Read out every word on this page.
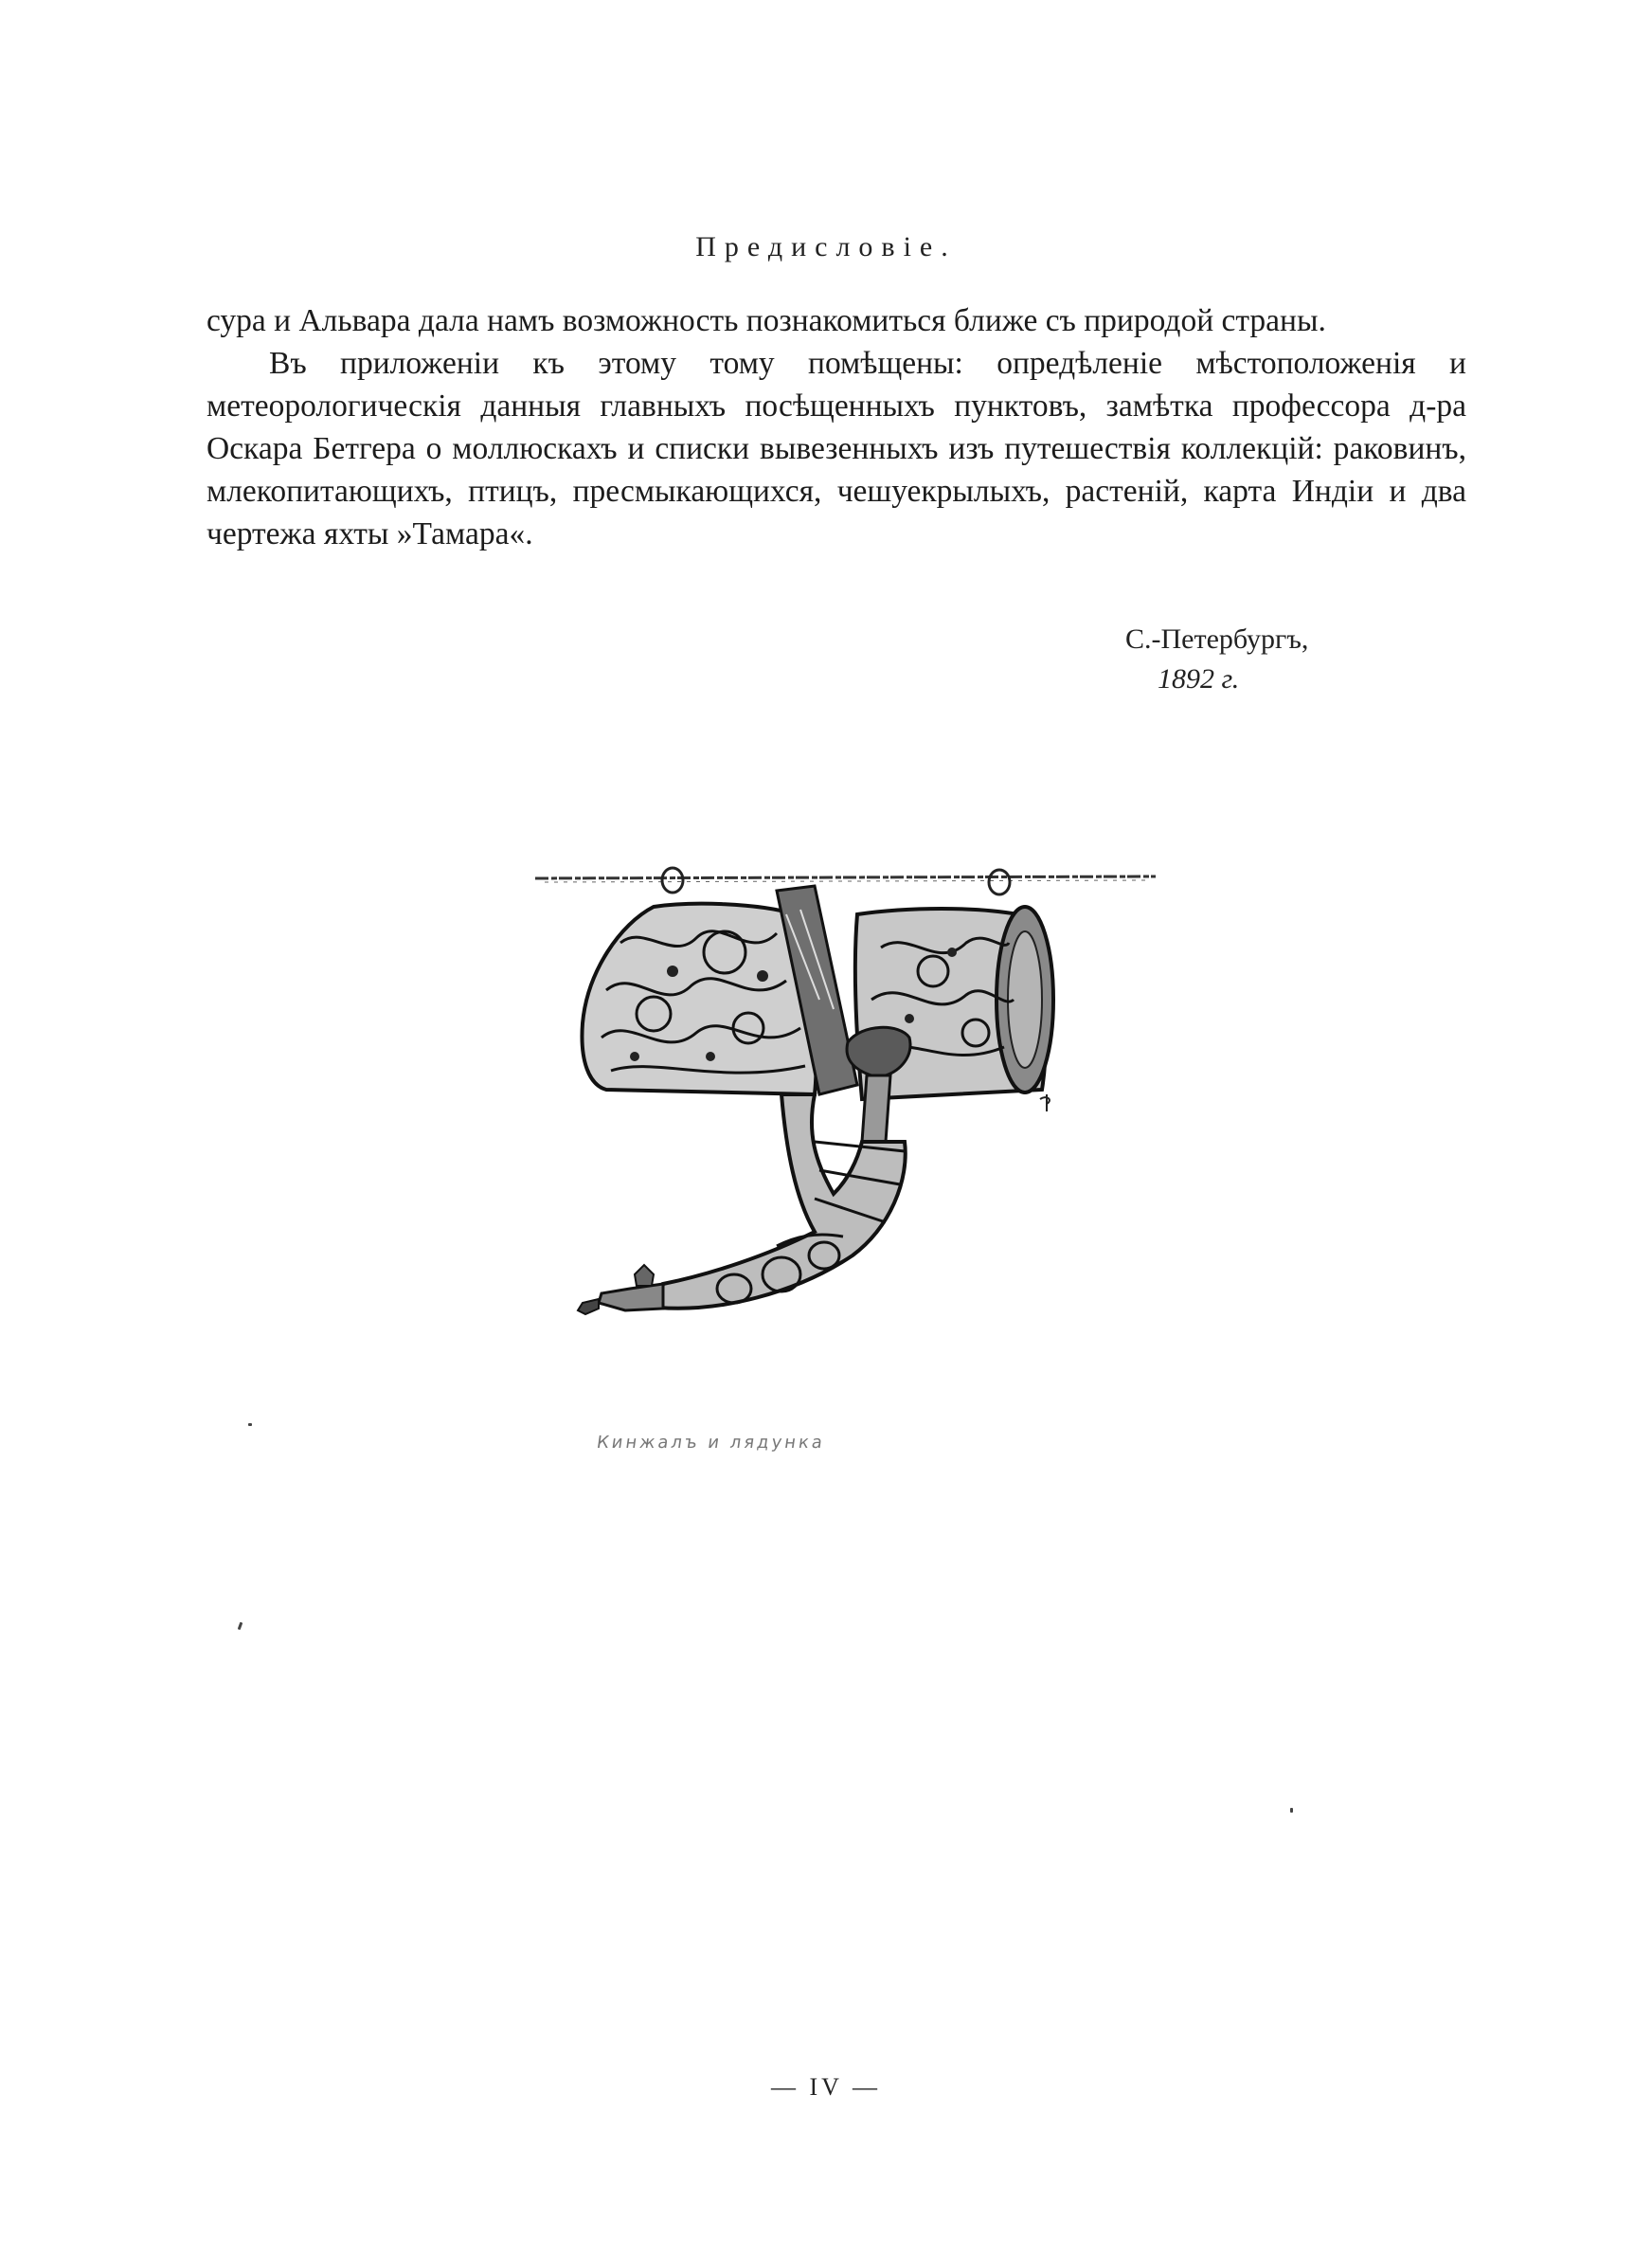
Предисловie.

сура и Альвара дала намъ возможность познакомиться ближе съ природой страны.

Въ приложенiи къ этому тому помѣщены: опредѣленie мѣстоположенiя и метеорологическiя данныя главныхъ посѣщенныхъ пунктовъ, замѣтка профессора д-ра Оскара Бетгера о моллюскахъ и списки вывезенныхъ изъ путешествiя коллекцiй: раковинъ, млекопитающихъ, птицъ, пресмыкающихся, чешуекрылыхъ, растенiй, карта Индiи и два чертежа яхты »Тамара«.

С.-Петербургъ,
1892 г.
Кинжалъ и лядунка
— IV —
